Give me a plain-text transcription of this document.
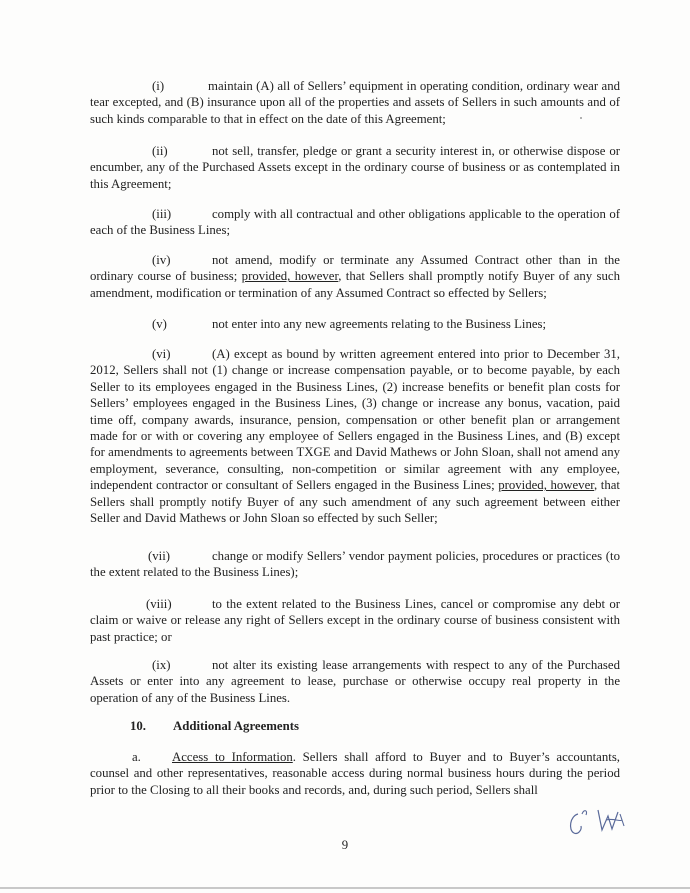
(i)	maintain (A) all of Sellers’ equipment in operating condition, ordinary wear and tear excepted, and (B) insurance upon all of the properties and assets of Sellers in such amounts and of such kinds comparable to that in effect on the date of this Agreement;
(ii)	not sell, transfer, pledge or grant a security interest in, or otherwise dispose or encumber, any of the Purchased Assets except in the ordinary course of business or as contemplated in this Agreement;
(iii)	comply with all contractual and other obligations applicable to the operation of each of the Business Lines;
(iv)	not amend, modify or terminate any Assumed Contract other than in the ordinary course of business; provided, however, that Sellers shall promptly notify Buyer of any such amendment, modification or termination of any Assumed Contract so effected by Sellers;
(v)	not enter into any new agreements relating to the Business Lines;
(vi)	(A) except as bound by written agreement entered into prior to December 31, 2012, Sellers shall not (1) change or increase compensation payable, or to become payable, by each Seller to its employees engaged in the Business Lines, (2) increase benefits or benefit plan costs for Sellers’ employees engaged in the Business Lines, (3) change or increase any bonus, vacation, paid time off, company awards, insurance, pension, compensation or other benefit plan or arrangement made for or with or covering any employee of Sellers engaged in the Business Lines, and (B) except for amendments to agreements between TXGE and David Mathews or John Sloan, shall not amend any employment, severance, consulting, non-competition or similar agreement with any employee, independent contractor or consultant of Sellers engaged in the Business Lines; provided, however, that Sellers shall promptly notify Buyer of any such amendment of any such agreement between either Seller and David Mathews or John Sloan so effected by such Seller;
(vii)	change or modify Sellers’ vendor payment policies, procedures or practices (to the extent related to the Business Lines);
(viii)	to the extent related to the Business Lines, cancel or compromise any debt or claim or waive or release any right of Sellers except in the ordinary course of business consistent with past practice; or
(ix)	not alter its existing lease arrangements with respect to any of the Purchased Assets or enter into any agreement to lease, purchase or otherwise occupy real property in the operation of any of the Business Lines.
10. Additional Agreements
a. Access to Information. Sellers shall afford to Buyer and to Buyer’s accountants, counsel and other representatives, reasonable access during normal business hours during the period prior to the Closing to all their books and records, and, during such period, Sellers shall
9
